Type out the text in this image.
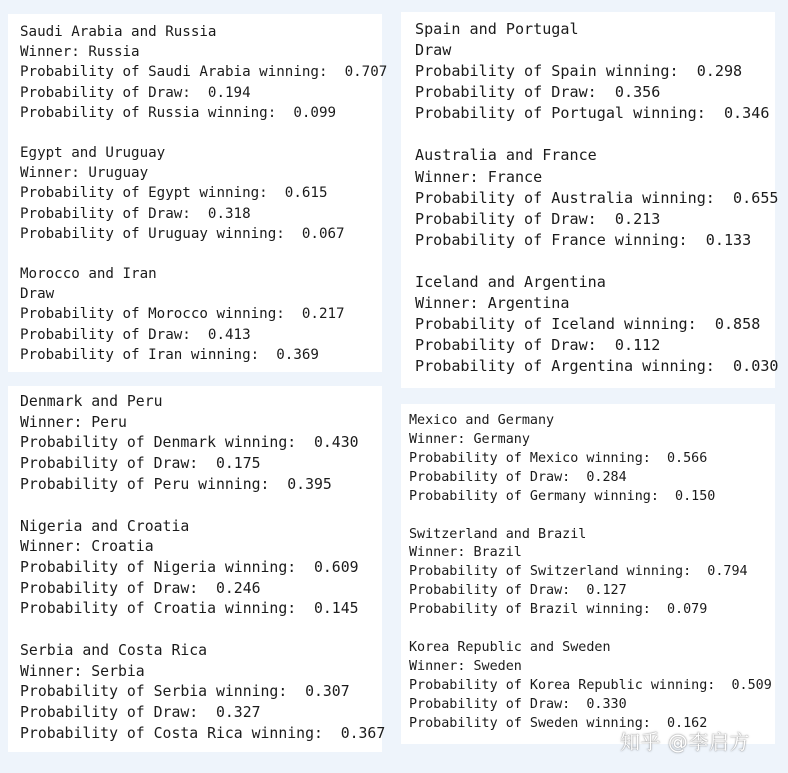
Saudi Arabia and Russia
Winner: Russia
Probability of Saudi Arabia winning:  0.707
Probability of Draw:  0.194
Probability of Russia winning:  0.099
Egypt and Uruguay
Winner: Uruguay
Probability of Egypt winning:  0.615
Probability of Draw:  0.318
Probability of Uruguay winning:  0.067
Morocco and Iran
Draw
Probability of Morocco winning:  0.217
Probability of Draw:  0.413
Probability of Iran winning:  0.369
Denmark and Peru
Winner: Peru
Probability of Denmark winning:  0.430
Probability of Draw:  0.175
Probability of Peru winning:  0.395
Nigeria and Croatia
Winner: Croatia
Probability of Nigeria winning:  0.609
Probability of Draw:  0.246
Probability of Croatia winning:  0.145
Serbia and Costa Rica
Winner: Serbia
Probability of Serbia winning:  0.307
Probability of Draw:  0.327
Probability of Costa Rica winning:  0.367
Spain and Portugal
Draw
Probability of Spain winning:  0.298
Probability of Draw:  0.356
Probability of Portugal winning:  0.346
Australia and France
Winner: France
Probability of Australia winning:  0.655
Probability of Draw:  0.213
Probability of France winning:  0.133
Iceland and Argentina
Winner: Argentina
Probability of Iceland winning:  0.858
Probability of Draw:  0.112
Probability of Argentina winning:  0.030
Mexico and Germany
Winner: Germany
Probability of Mexico winning:  0.566
Probability of Draw:  0.284
Probability of Germany winning:  0.150
Switzerland and Brazil
Winner: Brazil
Probability of Switzerland winning:  0.794
Probability of Draw:  0.127
Probability of Brazil winning:  0.079
Korea Republic and Sweden
Winner: Sweden
Probability of Korea Republic winning:  0.509
Probability of Draw:  0.330
Probability of Sweden winning:  0.162
知乎 @李启方
